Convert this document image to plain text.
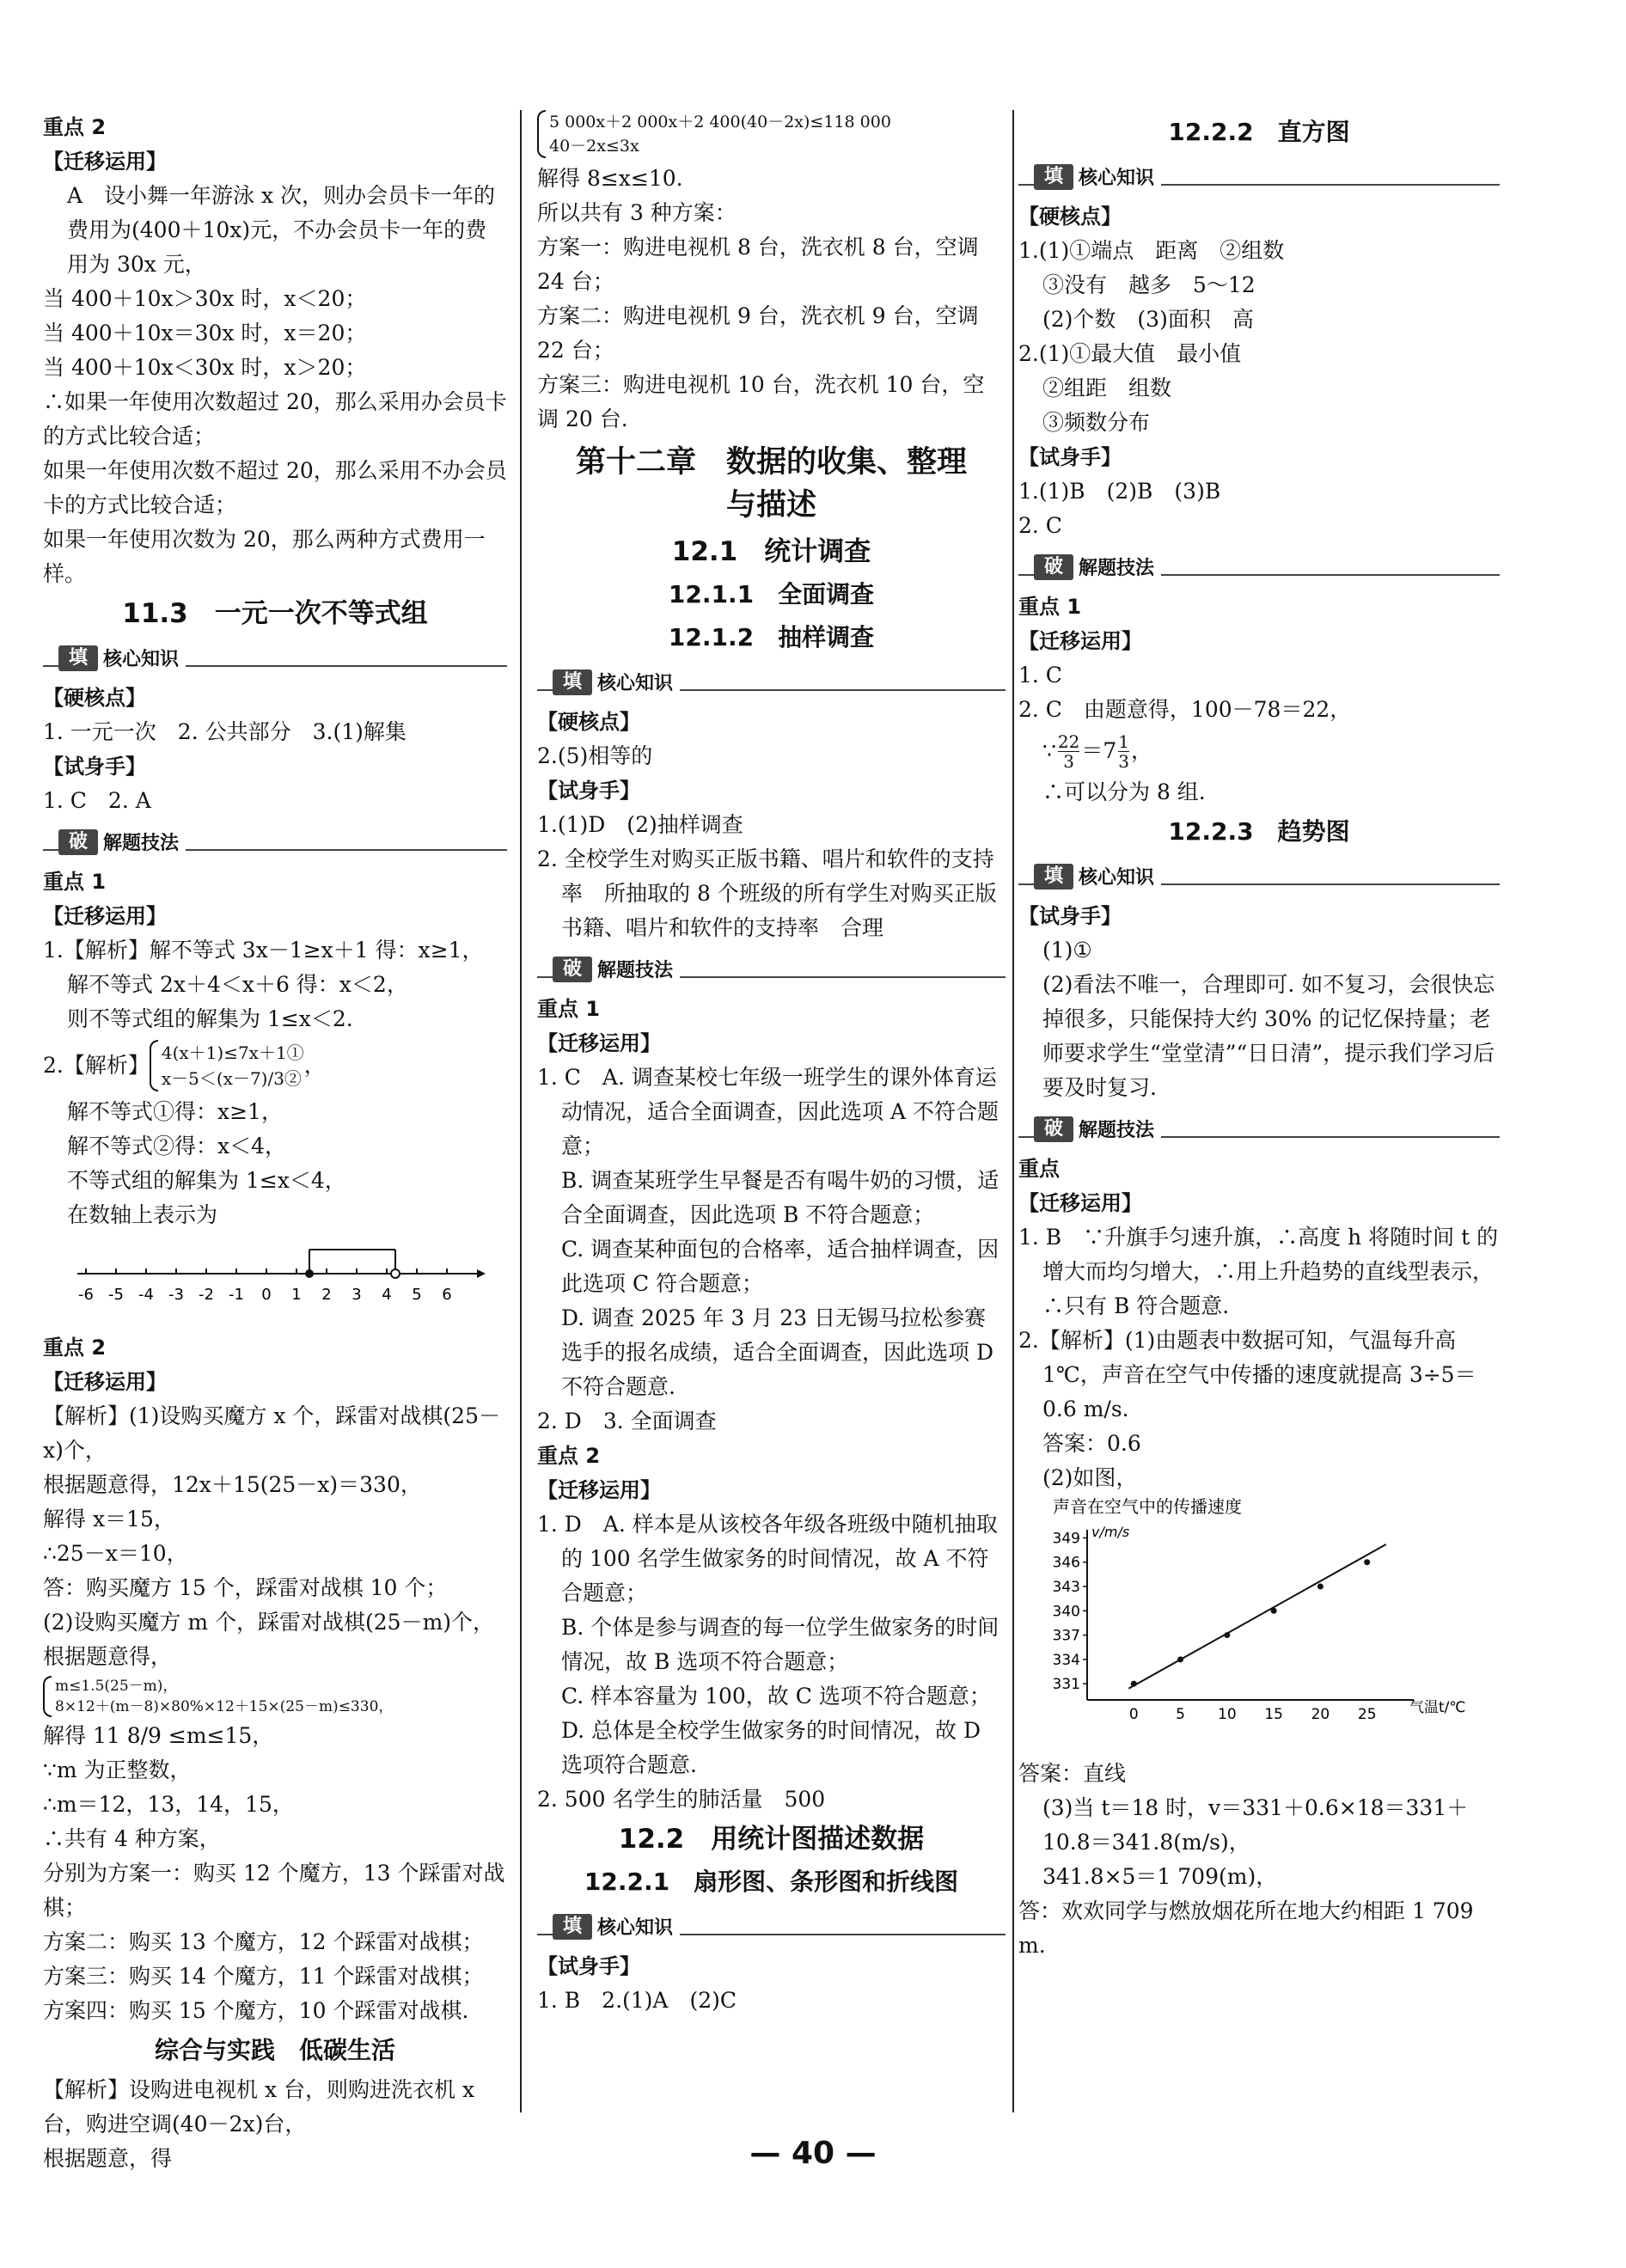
重点 2

【迁移运用】

A　设小舞一年游泳 x 次，则办会员卡一年的费用为(400＋10x)元，不办会员卡一年的费用为 30x 元，

当 400＋10x＞30x 时，x＜20；

当 400＋10x＝30x 时，x＝20；

当 400＋10x＜30x 时，x＞20；

∴如果一年使用次数超过 20，那么采用办会员卡的方式比较合适；

如果一年使用次数不超过 20，那么采用不办会员卡的方式比较合适；

如果一年使用次数为 20，那么两种方式费用一样。

11.3　一元一次不等式组

填 核心知识

【硬核点】

1. 一元一次　2. 公共部分　3.(1)解集

【试身手】

1. C　2. A

破 解题技法

重点 1

【迁移运用】

1.【解析】解不等式 3x－1≥x＋1 得：x≥1，

解不等式 2x＋4＜x＋6 得：x＜2，

则不等式组的解集为 1≤x＜2.

2.【解析】 4(x＋1)≤7x＋1①
x－5＜(x－7)/3②
，

解不等式①得：x≥1，

解不等式②得：x＜4，

不等式组的解集为 1≤x＜4，

在数轴上表示为

-6 -5 -4 -3 -2 -1 0 1 2 3 4 5 6

重点 2

【迁移运用】

【解析】(1)设购买魔方 x 个，踩雷对战棋(25－x)个，

根据题意得，12x＋15(25－x)＝330，

解得 x＝15，

∴25－x＝10，

答：购买魔方 15 个，踩雷对战棋 10 个；

(2)设购买魔方 m 个，踩雷对战棋(25－m)个，根据题意得，

m≤1.5(25－m)，
8×12＋(m－8)×80%×12＋15×(25－m)≤330，

解得 11 8/9 ≤m≤15，

∵m 为正整数，

∴m＝12，13，14，15，

∴共有 4 种方案，

分别为方案一：购买 12 个魔方，13 个踩雷对战棋；

方案二：购买 13 个魔方，12 个踩雷对战棋；

方案三：购买 14 个魔方，11 个踩雷对战棋；

方案四：购买 15 个魔方，10 个踩雷对战棋.

综合与实践　低碳生活

【解析】设购进电视机 x 台，则购进洗衣机 x 台，购进空调(40－2x)台，

根据题意，得

5 000x＋2 000x＋2 400(40－2x)≤118 000
40－2x≤3x

解得 8≤x≤10.

所以共有 3 种方案：

方案一：购进电视机 8 台，洗衣机 8 台，空调 24 台；

方案二：购进电视机 9 台，洗衣机 9 台，空调 22 台；

方案三：购进电视机 10 台，洗衣机 10 台，空调 20 台.

第十二章　数据的收集、整理

与描述

12.1　统计调查

12.1.1　全面调查

12.1.2　抽样调查

填 核心知识

【硬核点】

2.(5)相等的

【试身手】

1.(1)D　(2)抽样调查

2. 全校学生对购买正版书籍、唱片和软件的支持率　所抽取的 8 个班级的所有学生对购买正版书籍、唱片和软件的支持率　合理

破 解题技法

重点 1

【迁移运用】

1. C　A. 调查某校七年级一班学生的课外体育运动情况，适合全面调查，因此选项 A 不符合题意；

B. 调查某班学生早餐是否有喝牛奶的习惯，适合全面调查，因此选项 B 不符合题意；

C. 调查某种面包的合格率，适合抽样调查，因此选项 C 符合题意；

D. 调查 2025 年 3 月 23 日无锡马拉松参赛选手的报名成绩，适合全面调查，因此选项 D 不符合题意.

2. D　3. 全面调查

重点 2

【迁移运用】

1. D　A. 样本是从该校各年级各班级中随机抽取的 100 名学生做家务的时间情况，故 A 不符合题意；

B. 个体是参与调查的每一位学生做家务的时间情况，故 B 选项不符合题意；

C. 样本容量为 100，故 C 选项不符合题意；

D. 总体是全校学生做家务的时间情况，故 D 选项符合题意.

2. 500 名学生的肺活量　500

12.2　用统计图描述数据

12.2.1　扇形图、条形图和折线图

填 核心知识

【试身手】

1. B　2.(1)A　(2)C

12.2.2　直方图

填 核心知识

【硬核点】

1.(1)①端点　距离　②组数

③没有　越多　5～12

(2)个数　(3)面积　高

2.(1)①最大值　最小值

②组距　组数

③频数分布

【试身手】

1.(1)B　(2)B　(3)B

2. C

破 解题技法

重点 1

【迁移运用】

1. C

2. C　由题意得，100－78＝22，

∵ $\frac{22}{3} =7 \frac{1}{3}$ ，

∴可以分为 8 组.

12.2.3　趋势图

填 核心知识

【试身手】

(1)①

(2)看法不唯一，合理即可. 如不复习，会很快忘掉很多，只能保持大约 30% 的记忆保持量；老师要求学生“堂堂清”“日日清”，提示我们学习后要及时复习.

破 解题技法

重点

【迁移运用】

1. B　∵升旗手匀速升旗，∴高度 h 将随时间 t 的增大而均匀增大，∴用上升趋势的直线型表示，∴只有 B 符合题意.

2.【解析】(1)由题表中数据可知，气温每升高 1℃，声音在空气中传播的速度就提高 3÷5＝0.6 m/s.

答案：0.6

(2)如图，

声音在空气中的传播速度
v/m/s
气温t/℃
331
334
337
340
343
346
349
0	5 10 15 20 25

答案：直线

(3)当 t＝18 时，v＝331＋0.6×18＝331＋10.8＝341.8(m/s)，

341.8×5＝1 709(m)，

答：欢欢同学与燃放烟花所在地大约相距 1 709 m.

— 40 —
